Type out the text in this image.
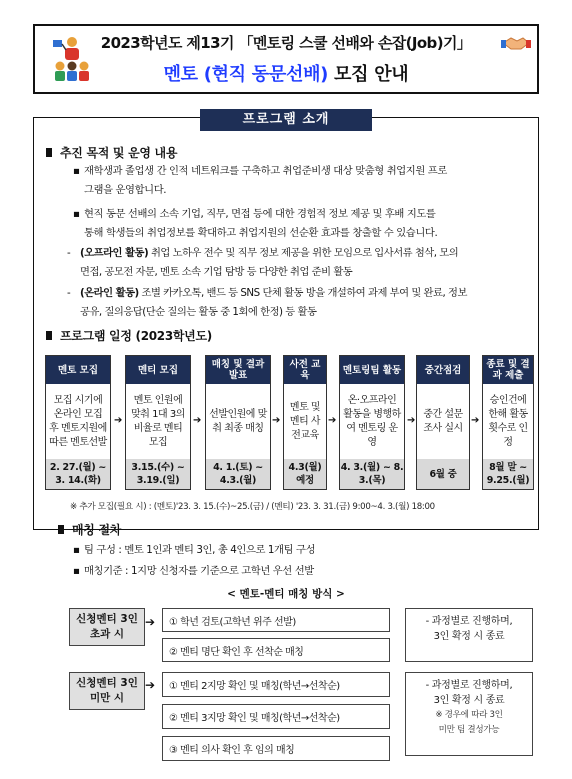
2023학년도 제13기 「멘토링 스쿨 선배와 손잡(Job)기」
멘토 (현직 동문선배) 모집 안내
프로그램 소개
추진 목적 및 운영 내용
▪ 재학생과 졸업생 간 인적 네트워크를 구축하고 취업준비생 대상 맞춤형 취업지원 프로
그램을 운영합니다.
▪ 현직 동문 선배의 소속 기업, 직무, 면접 등에 대한 경험적 정보 제공 및 후배 지도를
통해 학생들의 취업정보를 확대하고 취업지원의 선순환 효과를 창출할 수 있습니다.
- (오프라인 활동) 취업 노하우 전수 및 직무 정보 제공을 위한 모임으로 입사서류 첨삭, 모의
면접, 공모전 자문, 멘토 소속 기업 탐방 등 다양한 취업 준비 활동
- (온라인 활동) 조별 카카오톡, 밴드 등 SNS 단체 활동 방을 개설하여 과제 부여 및 완료, 정보
공유, 질의응답(단순 질의는 활동 중 1회에 한정) 등 활동
프로그램 일정 (2023학년도)
멘토 모집
모집 시기에 온라인 모집 후 멘토지원에 따른 멘토선발
2. 27.(월) ~ 3. 14.(화)
➔
멘티 모집
멘토 인원에 맞춰 1대 3의 비율로 멘티 모집
3.15.(수) ~ 3.19.(일)
➔
매칭 및 결과발표
선발인원에 맞춰 최종 매칭
4. 1.(토) ~ 4.3.(월)
➔
사전 교육
멘토 및 멘티 사전교육
4.3(월) 예정
➔
멘토링팀 활동
온·오프라인 활동을 병행하여 멘토링 운영
4. 3.(월) ~ 8. 3.(목)
➔
중간점검
중간 설문조사 실시
6월 중
➔
종료 및 결과 제출
승인건에 한해 활동 횟수로 인정
8월 말 ~ 9.25.(월)
※ 추가 모집(필요 시) : (멘토)'23. 3. 15.(수)~25.(금) / (멘티) '23. 3. 31.(금) 9:00~4. 3.(월) 18:00
매칭 절차
▪ 팀 구성 : 멘토 1인과 멘티 3인, 총 4인으로 1개팀 구성
▪ 매칭기준 : 1지망 신청자를 기준으로 고학년 우선 선발
< 멘토-멘티 매칭 방식 >
신청멘티 3인
초과 시
➔	① 학년 검토(고학년 위주 선발)
② 멘티 명단 확인 후 선착순 매칭
- 과정별로 진행하며,
3인 확정 시 종료
신청멘티 3인
미만 시
➔	① 멘티 2지망 확인 및 매칭(학년→선착순)
② 멘티 3지망 확인 및 매칭(학년→선착순)
③ 멘티 의사 확인 후 임의 매칭
- 과정별로 진행하며,
3인 확정 시 종료
※ 경우에 따라 3인
미만 팀 결성가능
